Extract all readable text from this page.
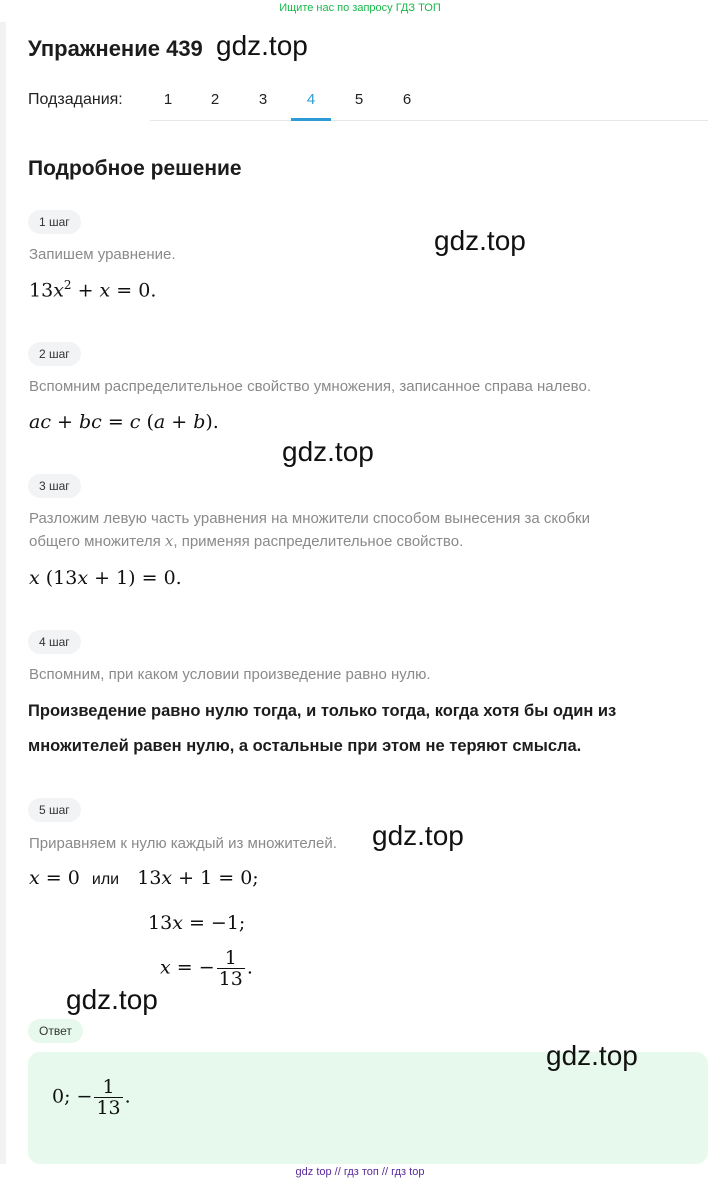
Ищите нас по запросу ГДЗ ТОП
Упражнение 439 gdz.top
Подзадания:	1	2	3	4	5	6
Подробное решение
1 шаг
gdz.top
Запишем уравнение.
$13x^2 + x = 0$.
2 шаг
Вспомним распределительное свойство умножения, записанное справа налево.
ac + bc = c (a + b).
gdz.top
3 шаг
Разложим левую часть уравнения на множители способом вынесения за скобки
общего множителя x, применяя распределительное свойство.
x (13x + 1) = 0.
4 шаг
Вспомним, при каком условии произведение равно нулю.
Произведение равно нулю тогда, и только тогда, когда хотя бы один из
множителей равен нулю, а остальные при этом не теряют смысла.
5 шаг
Приравняем к нулю каждый из множителей. gdz.top
x = 0  или   13x + 1 = 0;
13x = −1;
x = − $\frac{1}{13}$ .
gdz.top
Ответ
0; − $\frac{1}{13}$ .
gdz.top
gdz top // гдз топ // гдз top
